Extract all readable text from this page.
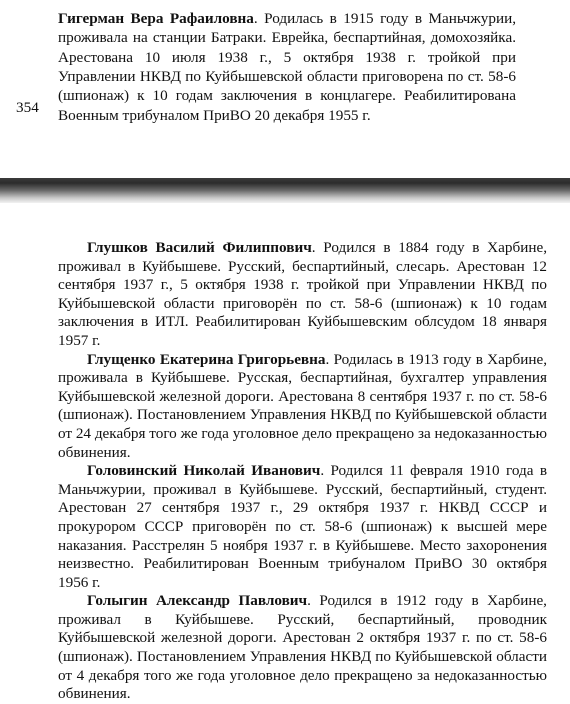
Гигерман Вера Рафаиловна. Родилась в 1915 году в Маньчжурии, проживала на станции Батраки. Еврейка, беспартийная, домохозяйка. Арестована 10 июля 1938 г., 5 октября 1938 г. тройкой при Управлении НКВД по Куйбышевской области приговорена по ст. 58-6 (шпионаж) к 10 годам заключения в концлагере. Реабилитирована Военным трибуналом ПриВО 20 декабря 1955 г.

354

Глушков Василий Филиппович. Родился в 1884 году в Харбине, проживал в Куйбышеве. Русский, беспартийный, слесарь. Арестован 12 сентября 1937 г., 5 октября 1938 г. тройкой при Управлении НКВД по Куйбышевской области приговорён по ст. 58-6 (шпионаж) к 10 годам заключения в ИТЛ. Реабилитирован Куйбышевским облсудом 18 января 1957 г.

Глущенко Екатерина Григорьевна. Родилась в 1913 году в Харбине, проживала в Куйбышеве. Русская, беспартийная, бухгалтер управления Куйбышевской железной дороги. Арестована 8 сентября 1937 г. по ст. 58-6 (шпионаж). Постановлением Управления НКВД по Куйбышевской области от 24 декабря того же года уголовное дело прекращено за недоказанностью обвинения.

Головинский Николай Иванович. Родился 11 февраля 1910 года в Маньчжурии, проживал в Куйбышеве. Русский, беспартийный, студент. Арестован 27 сентября 1937 г., 29 октября 1937 г. НКВД СССР и прокурором СССР приговорён по ст. 58-6 (шпионаж) к высшей мере наказания. Расстрелян 5 ноября 1937 г. в Куйбышеве. Место захоронения неизвестно. Реабилитирован Военным трибуналом ПриВО 30 октября 1956 г.

Голыгин Александр Павлович. Родился в 1912 году в Харбине, проживал в Куйбышеве. Русский, беспартийный, проводник Куйбышевской железной дороги. Арестован 2 октября 1937 г. по ст. 58-6 (шпионаж). Постановлением Управления НКВД по Куйбышевской области от 4 декабря того же года уголовное дело прекращено за недоказанностью обвинения.
